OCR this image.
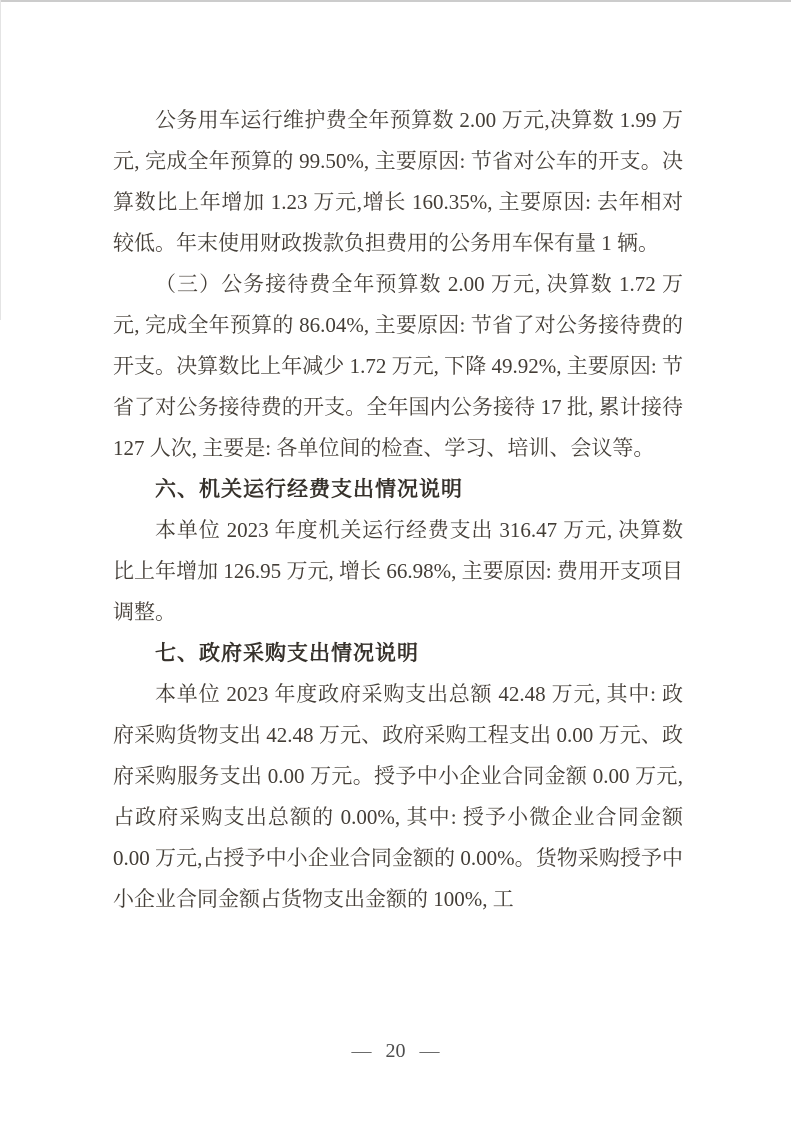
公务用车运行维护费全年预算数 2.00 万元,决算数 1.99 万元, 完成全年预算的 99.50%, 主要原因: 节省对公车的开支。决算数比上年增加 1.23 万元,增长 160.35%, 主要原因: 去年相对较低。年末使用财政拨款负担费用的公务用车保有量 1 辆。

（三）公务接待费全年预算数 2.00 万元, 决算数 1.72 万元, 完成全年预算的 86.04%, 主要原因: 节省了对公务接待费的开支。决算数比上年减少 1.72 万元, 下降 49.92%, 主要原因: 节省了对公务接待费的开支。全年国内公务接待 17 批, 累计接待 127 人次, 主要是: 各单位间的检查、学习、培训、会议等。

六、机关运行经费支出情况说明

本单位 2023 年度机关运行经费支出 316.47 万元, 决算数比上年增加 126.95 万元, 增长 66.98%, 主要原因: 费用开支项目调整。

七、政府采购支出情况说明

本单位 2023 年度政府采购支出总额 42.48 万元, 其中: 政府采购货物支出 42.48 万元、政府采购工程支出 0.00 万元、政府采购服务支出 0.00 万元。授予中小企业合同金额 0.00 万元, 占政府采购支出总额的 0.00%, 其中: 授予小微企业合同金额 0.00 万元,占授予中小企业合同金额的 0.00%。货物采购授予中小企业合同金额占货物支出金额的 100%, 工

— 20 —
